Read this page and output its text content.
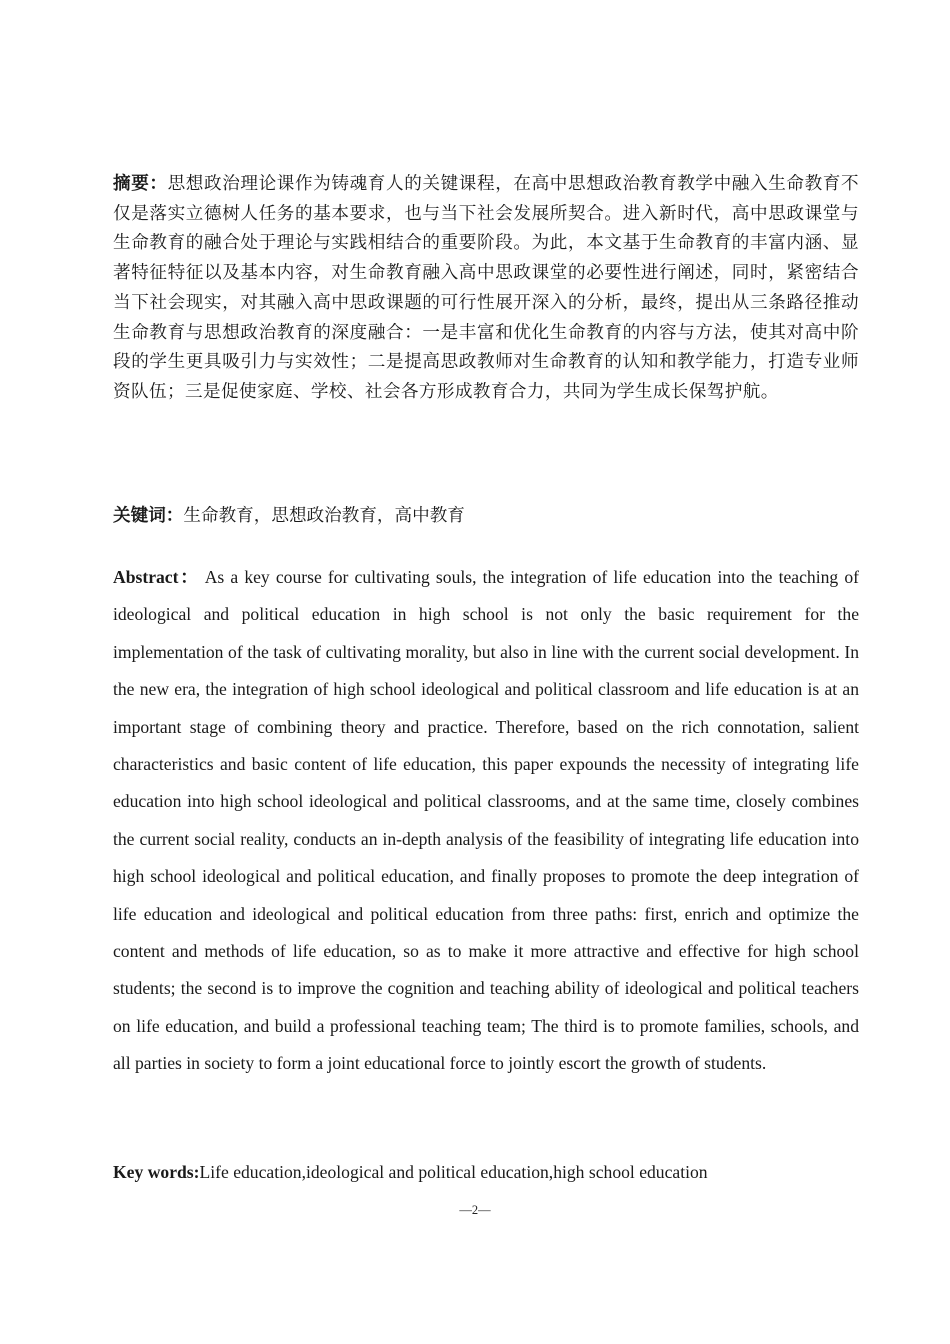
摘要：思想政治理论课作为铸魂育人的关键课程，在高中思想政治教育教学中融入生命教育不仅是落实立德树人任务的基本要求，也与当下社会发展所契合。进入新时代，高中思政课堂与生命教育的融合处于理论与实践相结合的重要阶段。为此，本文基于生命教育的丰富内涵、显著特征特征以及基本内容，对生命教育融入高中思政课堂的必要性进行阐述，同时，紧密结合当下社会现实，对其融入高中思政课题的可行性展开深入的分析，最终，提出从三条路径推动生命教育与思想政治教育的深度融合：一是丰富和优化生命教育的内容与方法，使其对高中阶段的学生更具吸引力与实效性；二是提高思政教师对生命教育的认知和教学能力，打造专业师资队伍；三是促使家庭、学校、社会各方形成教育合力，共同为学生成长保驾护航。

关键词：生命教育，思想政治教育，高中教育

Abstract： As a key course for cultivating souls, the integration of life education into the teaching of ideological and political education in high school is not only the basic requirement for the implementation of the task of cultivating morality, but also in line with the current social development. In the new era, the integration of high school ideological and political classroom and life education is at an important stage of combining theory and practice. Therefore, based on the rich connotation, salient characteristics and basic content of life education, this paper expounds the necessity of integrating life education into high school ideological and political classrooms, and at the same time, closely combines the current social reality, conducts an in-depth analysis of the feasibility of integrating life education into high school ideological and political education, and finally proposes to promote the deep integration of life education and ideological and political education from three paths: first, enrich and optimize the content and methods of life education, so as to make it more attractive and effective for high school students; the second is to improve the cognition and teaching ability of ideological and political teachers on life education, and build a professional teaching team; The third is to promote families, schools, and all parties in society to form a joint educational force to jointly escort the growth of students.

Key words:Life education,ideological and political education,high school education

—2—
